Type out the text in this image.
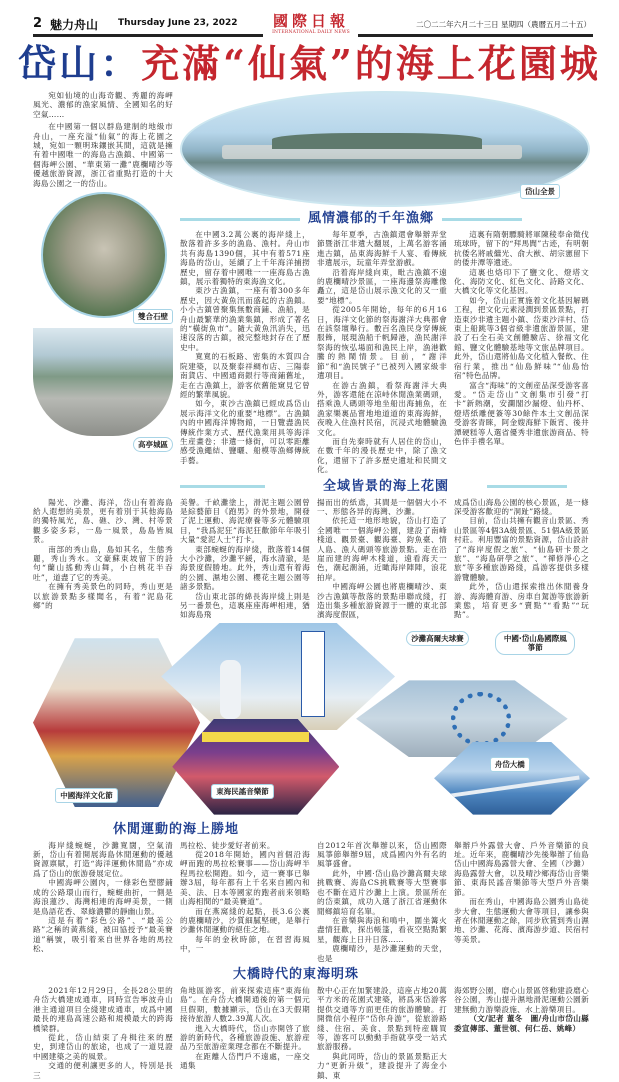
2 魅力舟山 Thursday June 23, 2022	國際日報
INTERNATIONAL DAILY NEWS
二〇二二年六月二十三日 星期四（農曆五月二十五）
岱山：充滿“仙氣”的海上花園城

宛如仙境的山海奇觀、秀麗的海岬風光、濃郁的漁家風情、全國知名的好空氣……

在中國第一個以群島建制的地級市舟山，一座充溢“仙氣”的海上花園之城，宛如一顆明珠鑲嵌其間，這就是擁有着中國唯一的海島古漁鎮、中國第一個海岬公園、“華東第一灘”鹿欄晴沙等優越旅游資源，浙江省重點打造的十大海島公園之一的岱山。

雙合石壁
高亭城區
岱山全景
風情濃郁的千年漁鄉

在中國3.2萬公裏的海岸綫上，散落着許多多的漁島、漁村。舟山市共有海島1390個，其中有着571座海島的岱山，延續了上千年海洋捕撈歷史，留存着中國唯一一座海島古漁鎮，展示着獨特的東海漁文化。

東沙古漁鎮，一座有着300多年歷史，因大黃魚汛而盛起的古漁鎮。小小古鎮曾聚集無數商鋪、漁船，是舟山最繁華的漁業集鎮，形成了著名的“橫街魚市”。隨大黃魚汛消失，迅速沒落的古鎮，被完整地封存在了歷史中。

寬寬的石板路、密集的木質四合院建築，以及聚泰祥綢布店、三陽泰南貨店、中國通商銀行等商鋪舊址，走在古漁鎮上，游客依舊能窺見它曾經的繁華風貌。

如今，東沙古漁鎮已經成爲岱山展示海洋文化的重要“地標”。古漁鎮內的中國海洋博物館，一日覽盡漁民傳統作業方式、歷代漁業用具等海洋生産畫卷；非遺一條街，可以零距離感受漁繩結、鹽曬、船模等漁鄉傳統手藝。

每年夏季，古漁鎮還會舉辦弄堂節暨浙江非遺大翻展，上萬名游客涌進古鎮，品東海海鮮千人宴、看傳統非遺展示，玩童年弄堂游戲。

沿着海岸綫向東，毗古漁鎮不遠的鹿欄晴沙景區，一座海邊祭海雕像矗立，這是岱山展示漁文化的又一重要“地標”。

從2005年開始，每年的6月16日，海洋文化節的祭海謝洋大典都會在該祭壇舉行。數百名漁民身穿傳統服飾，展現漁船千帆歸港，漁民謝洋祭海的恢弘場面和漁民上岸，漁港歡騰的熱鬧情景。目前，“謝洋節”和“漁民號子”已被列入國家級非遺項目。

在游古漁鎮，看祭海謝洋大典外，游客還能在涼峙休閒漁業碼頭，搭乘漁人碼頭等地坐船出海捕魚，在漁家樂裏品嘗地地道道的東海海鮮，夜晚入住漁村民宿，沉浸式地體驗漁文化。

而自先秦時就有人居住的岱山，在數千年的漫長歷史中，除了漁文化，還留下了許多歷史遺址和民間文化。

這裏有隋朝驃騎將軍陳稜奉命徵伐琉球時，留下的“拜馬閭”古迹，有明朝抗倭名將戚繼光、俞大猷、胡宗憲留下的倭井潭等遺迹。

這裏也烙印下了鹽文化、燈塔文化、海防文化、紅色文化、詩路文化、大橋文化等文化基因。

如今，岱山正實施着文化基因解碼工程，把文化元素浸潤到景區景點，打造東沙非遺主題小鎮、岱東沙洋村、岱東上船跳等3個省級非遺旅游景區，建設了石全石美文創體驗店、徐福文化館、鹽文化體驗基地等文旅品牌項目。此外，岱山還將仙島文化植入餐飲、住宿行業，推出“仙島鮮味”“仙島怡宿”特色品牌。

富含“海味”的文創産品深受游客喜愛。“岱走岱山”文創集市引發“打卡”新熱潮，安瀾閣沙漏燈、仙丹杯、燈塔紙雕便簽等30餘件本土文創品深受游客青睞，阿金嫂海鮮下飯宵、後井潭硬糕等人選省優秀非遺旅游商品、特色伴手禮名單。

全域皆景的海上花園

陽光、沙灘、海洋，岱山有着海島給人遐想的美景，更有着別于其他海島的獨特風光，島、礁、沙、灣、村等景觀多姿多彩，一島一風景，島島皆風景。

南部的秀山島，島如其名，生態秀麗，秀山秀水。文豪蘇東坡留下的詩句“蘭山搖動秀山舞，小白桃花半吞吐”，道盡了它的秀美。

在擁有秀美景色的同時，秀山更是以旅游景點多樣聞名，有着“泥島花鄉”的

美譽。千畝灘塗上，滑泥主題公園曾是綜藝節目《跑男》的外景地，開發了泥上運動、海泥療養等多元體驗項目，“我爲泥狂”海泥狂歡節年年吸引大量“愛泥人士”打卡。

東部蜿蜒的海岸綫，散落着14個大小沙灘，沙灘平緩，海水清澈，是海景度假勝地。此外，秀山還有着海的公園、濕地公園、櫻花主題公園等諸多景點。

岱山東北部的綿長海岸綫上則是另一番景色，這裏座座海岬相連，猶如海島飛

揚而出的紙鳶，其間是一個個大小不一、形態各异的海灣、沙灘。

依托這一地形地貌，岱山打造了全國唯一一個海岬公園，建設了南峰棧道、觀景臺、觀海臺、鈞魚臺、情人島、漁人碼頭等旅游景點。走在沿崖而建的海岬木棧道，遠看海天一色，潮起潮涌，近瞰海岸陣陣，浪花拍岸。

中國海岬公園也將鹿欄晴沙、東沙古漁鎮等散落的景點串聯成綫，打造出集多種旅游資源于一體的東北部濱海度假區，

成爲岱山海島公園的核心景區，是一條深受游客歡迎的“洞趾”路綫。

目前，岱山共擁有觀音山景區、秀山景區等4個3A級景區、51個A級景區村莊。利用豐富的景點資源，岱山設計了“海岸度假之旅”、“仙島研卡景之旅”、“海島研學之旅”、“禪修淨心之旅”等多種旅游路綫，爲游客提供多樣游覽體驗。

此外，岱山還探索推出休閒養身游、海海體育游、房車自駕游等旅游新業態，培育更多“賣點”“看點”“玩點”。

中國海洋文化節
沙灘高爾夫球賽	中國·岱山島國際風箏節
東海民謠音樂節
舟岱大橋
休閒運動的海上勝地

海岸綫蜿蜒，沙灘寬闊，空氣清新，岱山有着開展海島休閒運動的優越資源禀賦，打造“海洋運動休閒島”亦成爲了岱山的旅游發展定位。

中國海岬公園內，一條彩色塑膠鋪成的公路環山而行，蜿蜒曲折，一側是海浪蓮沙、海灣相連的海岬美景，一側是鳥語花香、翠綠濃鬱的靜幽山景。

這是有着“彩色公路”、“最美公路”之稱的黃燕綫，被田協授予“最美賽道”稱號，吸引着來自世界各地的馬拉松、

馬拉松、徒步愛好者前來。

從2018年開始，國內首個沿海岬而跑的馬拉松賽事——岱山海岬半程馬拉松開跑。如今，這一賽事已舉辦3屆，每年都有上千名來自國內和美、法、日本等國家的跑者前來領略山海相間的“最美賽道”。

而在燕窩綫的起點，長3.6公裏的鹿欄晴沙，沙質細膩堅硬，是舉行沙灘休閒運動的絕佳之地。

每年的金秋時節，在習習海風中，一

自2012年首次舉辦以來，岱山國際風箏節舉辦9屆，成爲國內外有名的風箏盛會。

此外，中國·岱山島沙灘高爾夫球挑戰賽、海島CS挑戰賽等大型賽事也不斷在這片沙灘上上演。景區所在的岱東鎮，成功入選了浙江省運動休閒鄉鎮培育名單。

在音樂與海浪和鳴中，圍坐篝火盡情狂歡，探出帳篷，看夜空點點繁星，觀海上日升日落……

鹿欄晴沙，是沙灘運動的天堂，也是

舉辦戶外露營大會、戶外音樂節的良址。近年來，鹿欄晴沙先後舉辦了仙島岱山中國海島露營大會、全國（沙灘）海島露營大會，以及晴沙鄉海岱山音樂節、東海民謠音樂節等大型戶外音樂節。

而在秀山，中國海島公園秀山島徒步大會、生態運動大會等項目，讓參與者在休閒運動之餘，同步欣賞到秀山濕地、沙灘、花海、濱海游步道、民宿村等美景。

大橋時代的東海明珠

2021年12月29日，全長28公里的舟岱大橋建成通車，同時宣告寧波舟山港主通道項目全綫建成通車，成爲中國最長的連島高速公路和規模最大的跨海橋梁群。

從此，岱山結束了舟楫往來的歷史，到達岱山的旅途，也成了一道見證中國建築之美的風景。

交通的便利讓更多的人，特別是長三

角地區游客，前來探索這座“東海仙島”。在舟岱大橋開通後的第一個元旦假期，數據顯示，岱山在3天假期接待旅游人數2.39萬人次。

進入大橋時代，岱山亦開啓了旅游的新時代，各種旅游設施、旅游産品乃至旅游産業理念都在不斷提升。

在距離人岱門戶不遠處，一座交通集

散中心正在加緊建設，這座占地20萬平方米的花園式建築，將爲來岱游客提供交通等方面更佳的旅游體驗。打開微信小程序“岱你舟游”，從旅游路綫、住宿、美食、景點到特産購買等，游客可以動動手指就享受一站式旅游服務。

與此同時，岱山的景區景點正大力“更新升級”，建設提升了海金小鎮、東

海郊野公園，磨心山景區啓動建設磨心谷公園，秀山提升濕地滑泥運動公園新建無動力游樂設施、水上游樂項目。

（文/記者 董冬　圖/舟山市岱山縣委宣傳部、董世領、何仁岳、姚峰）
